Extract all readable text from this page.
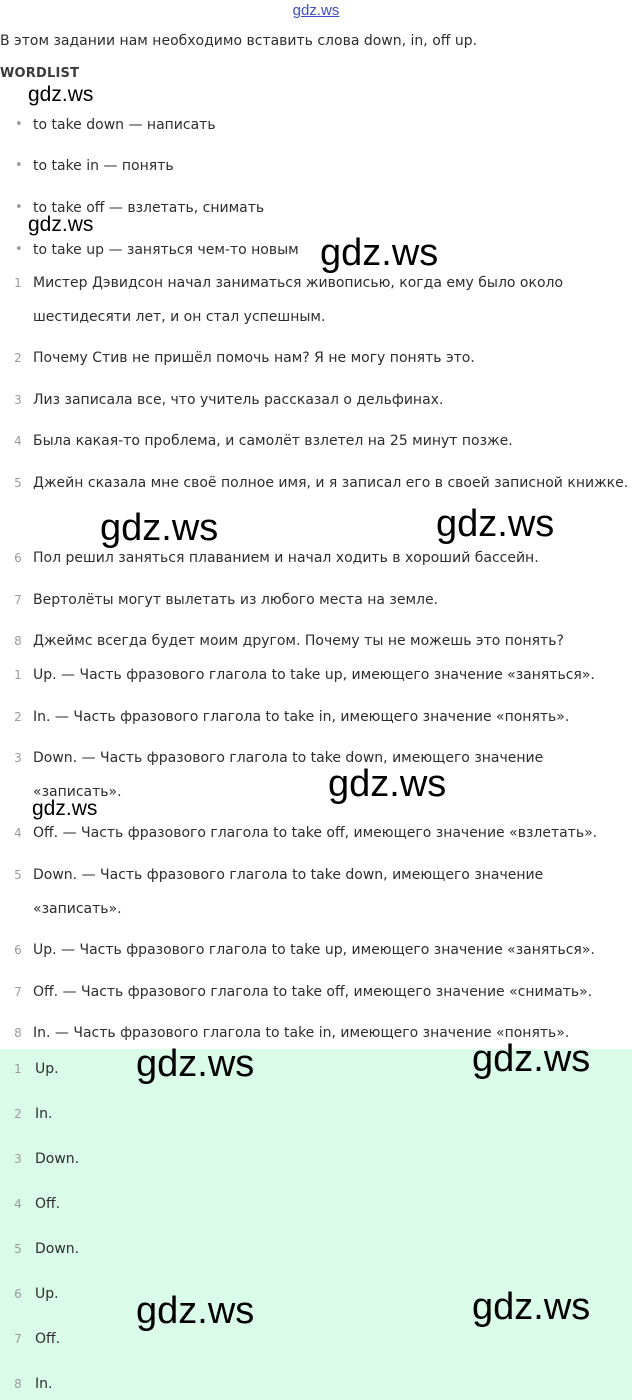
gdz.ws
В этом задании нам необходимо вставить слова down, in, off up.
WORDLIST
• to take down — написать
• to take in — понять
• to take off — взлетать, снимать
• to take up — заняться чем-то новым
1 Мистер Дэвидсон начал заниматься живописью, когда ему было около шестидесяти лет, и он стал успешным.
2 Почему Стив не пришёл помочь нам? Я не могу понять это.
3 Лиз записала все, что учитель рассказал о дельфинах.
4 Была какая-то проблема, и самолёт взлетел на 25 минут позже.
5 Джейн сказала мне своё полное имя, и я записал его в своей записной книжке.
6 Пол решил заняться плаванием и начал ходить в хороший бассейн.
7 Вертолёты могут вылетать из любого места на земле.
8 Джеймс всегда будет моим другом. Почему ты не можешь это понять?
1 Up. — Часть фразового глагола to take up, имеющего значение «заняться».
2 In. — Часть фразового глагола to take in, имеющего значение «понять».
3 Down. — Часть фразового глагола to take down, имеющего значение «записать».
4 Off. — Часть фразового глагола to take off, имеющего значение «взлетать».
5 Down. — Часть фразового глагола to take down, имеющего значение «записать».
6 Up. — Часть фразового глагола to take up, имеющего значение «заняться».
7 Off. — Часть фразового глагола to take off, имеющего значение «снимать».
8 In. — Часть фразового глагола to take in, имеющего значение «понять».
1 Up.
2 In.
3 Down.
4 Off.
5 Down.
6 Up.
7 Off.
8 In.
gdz.ws
gdz.ws
gdz.ws
gdz.ws	gdz.ws
gdz.ws
gdz.ws
gdz.ws	gdz.ws
gdz.ws	gdz.ws
